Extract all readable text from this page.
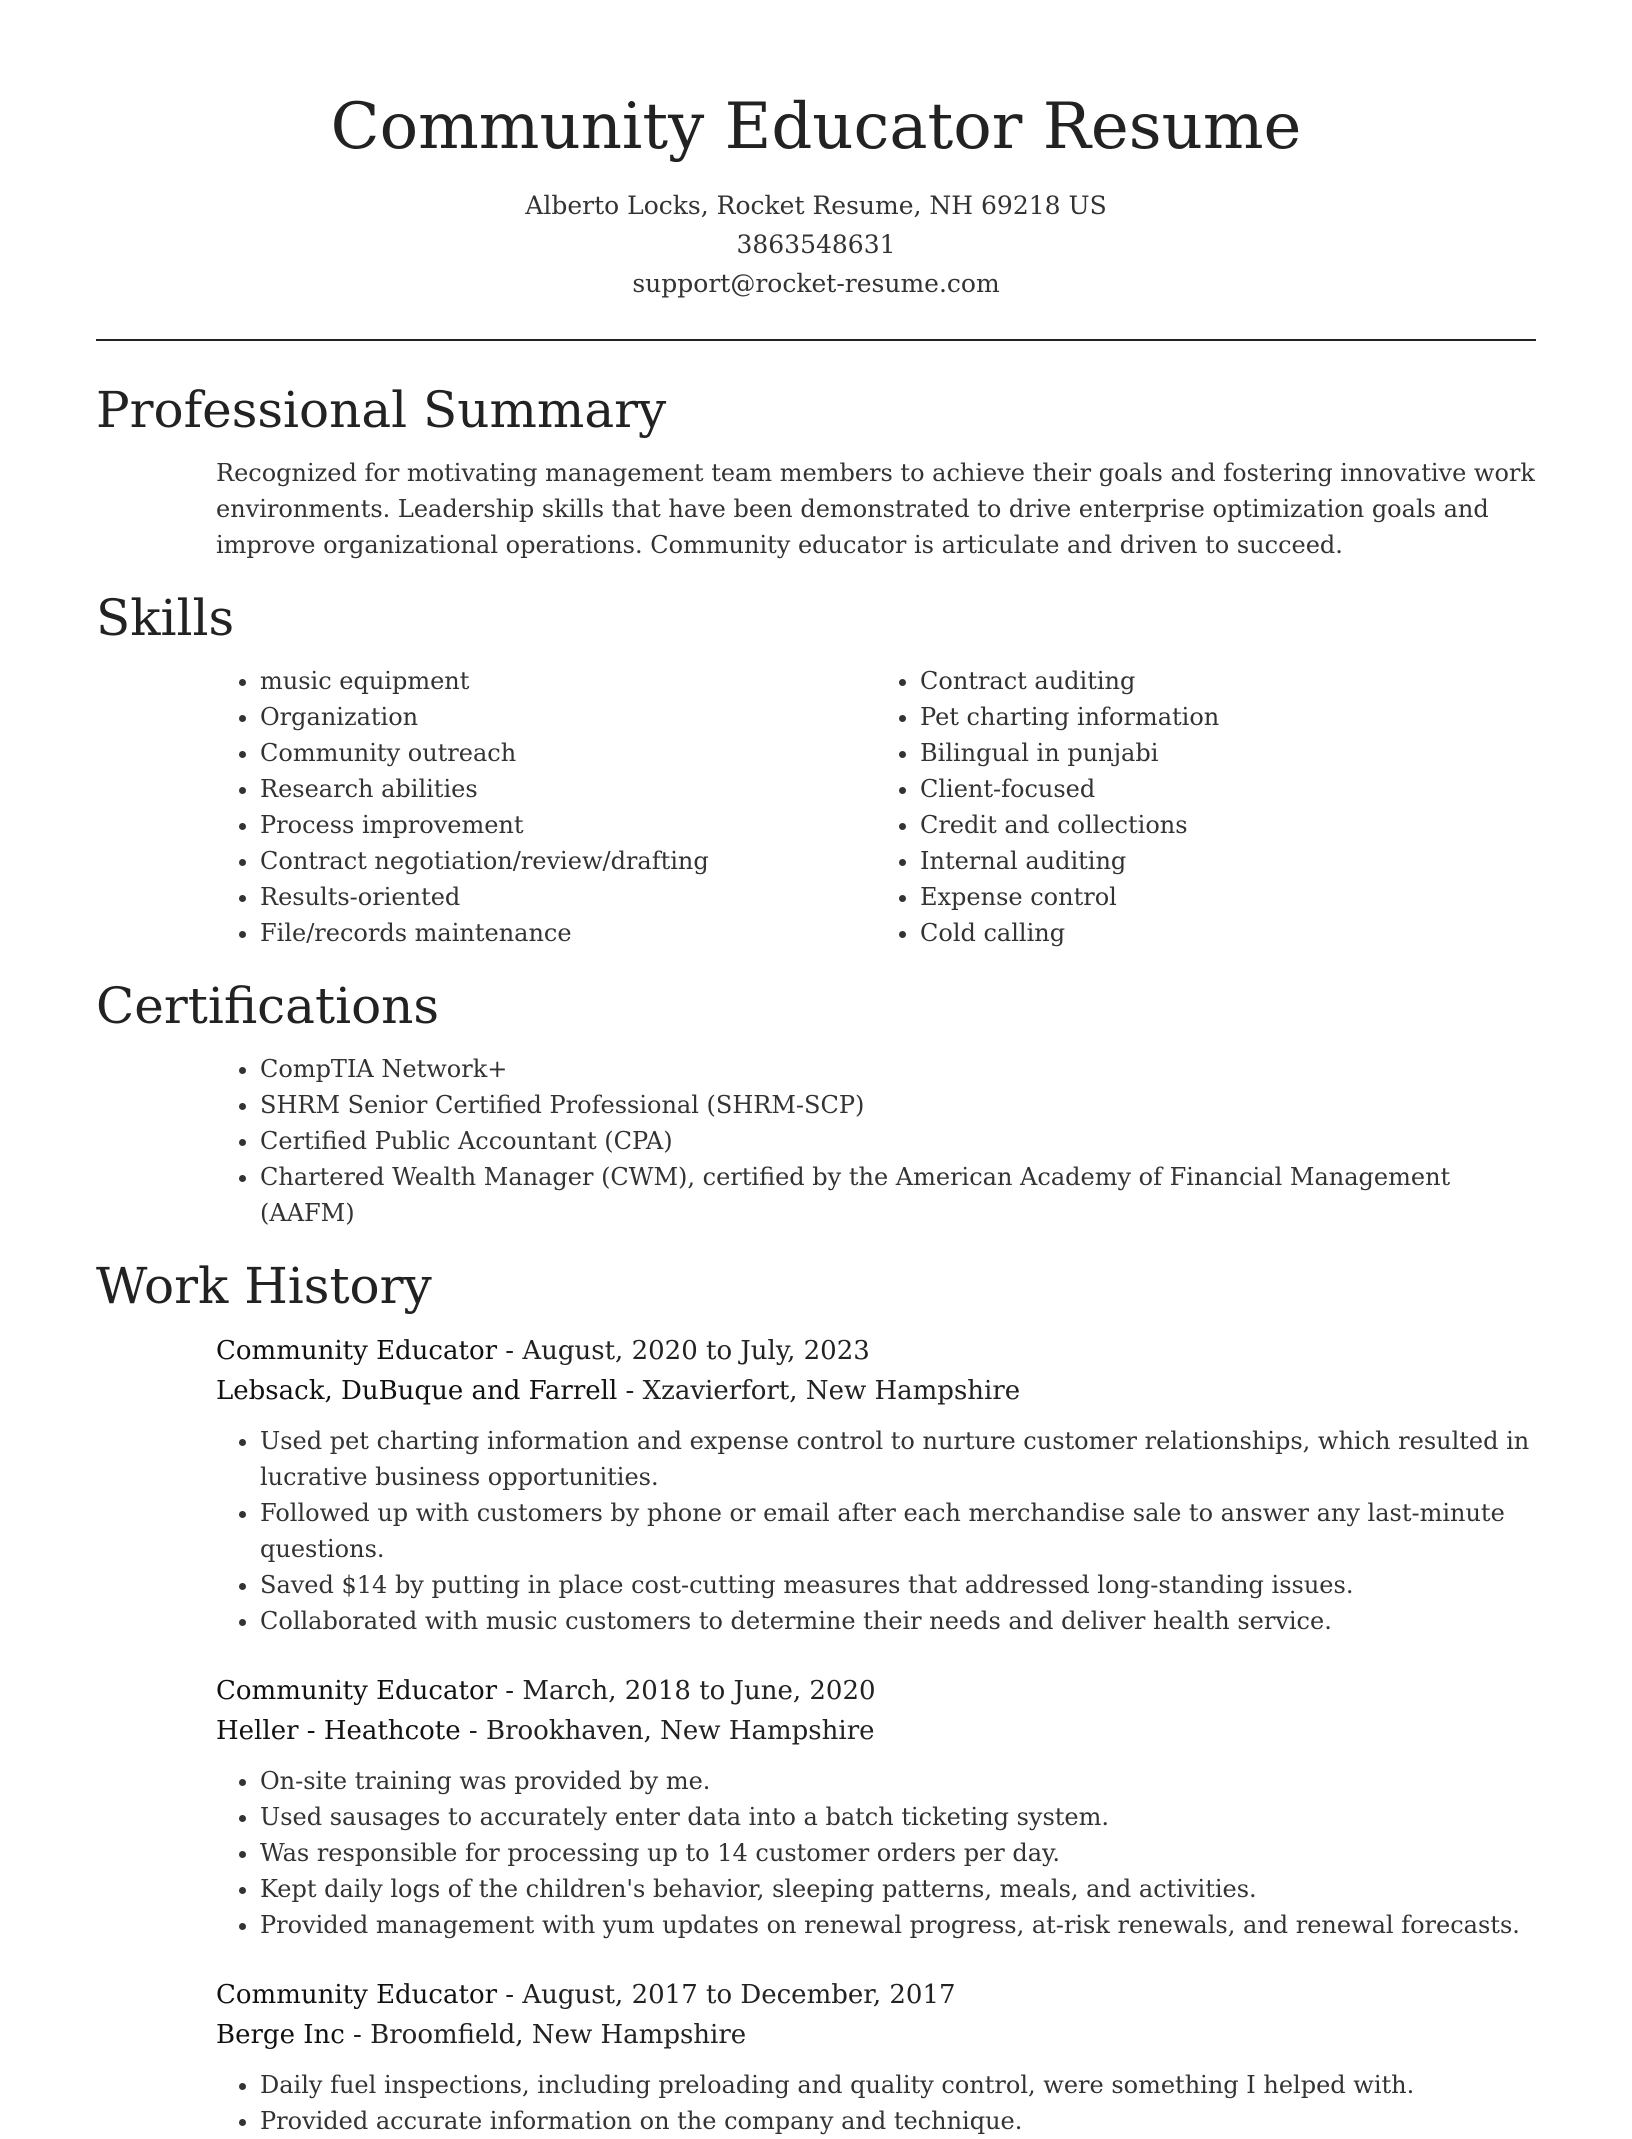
Community Educator Resume
Alberto Locks, Rocket Resume, NH 69218 US
3863548631
support@rocket-resume.com
Professional Summary

Recognized for motivating management team members to achieve their goals and fostering innovative work environments. Leadership skills that have been demonstrated to drive enterprise optimization goals and improve organizational operations. Community educator is articulate and driven to succeed.

Skills
• music equipment
• Organization
• Community outreach
• Research abilities
• Process improvement
• Contract negotiation/review/drafting
• Results-oriented
• File/records maintenance
• Contract auditing
• Pet charting information
• Bilingual in punjabi
• Client-focused
• Credit and collections
• Internal auditing
• Expense control
• Cold calling
Certifications
• CompTIA Network+
• SHRM Senior Certified Professional (SHRM-SCP)
• Certified Public Accountant (CPA)
• Chartered Wealth Manager (CWM), certified by the American Academy of Financial Management (AAFM)
Work History
Community Educator - August, 2020 to July, 2023
Lebsack, DuBuque and Farrell - Xzavierfort, New Hampshire
• Used pet charting information and expense control to nurture customer relationships, which resulted in lucrative business opportunities.
• Followed up with customers by phone or email after each merchandise sale to answer any last-minute questions.
• Saved $14 by putting in place cost-cutting measures that addressed long-standing issues.
• Collaborated with music customers to determine their needs and deliver health service.
Community Educator - March, 2018 to June, 2020
Heller - Heathcote - Brookhaven, New Hampshire
• On-site training was provided by me.
• Used sausages to accurately enter data into a batch ticketing system.
• Was responsible for processing up to 14 customer orders per day.
• Kept daily logs of the children's behavior, sleeping patterns, meals, and activities.
• Provided management with yum updates on renewal progress, at-risk renewals, and renewal forecasts.
Community Educator - August, 2017 to December, 2017
Berge Inc - Broomfield, New Hampshire
• Daily fuel inspections, including preloading and quality control, were something I helped with.
• Provided accurate information on the company and technique.
